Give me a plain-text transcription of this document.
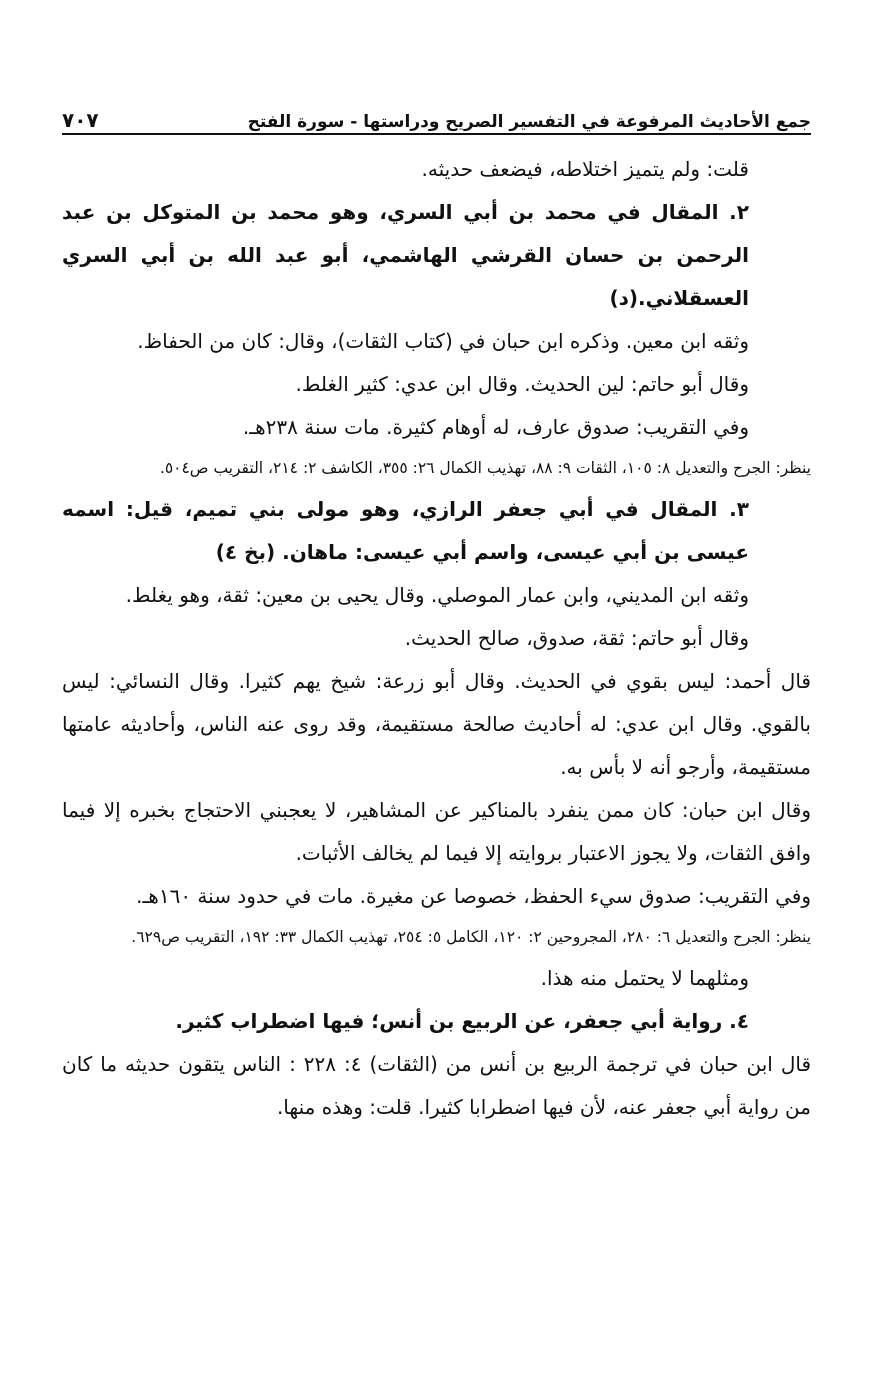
جمع الأحاديث المرفوعة في التفسير الصريح ودراستها - سورة الفتح
٧٠٧

قلت: ولم يتميز اختلاطه، فيضعف حديثه.

٢. المقال في محمد بن أبي السري، وهو محمد بن المتوكل بن عبد الرحمن بن حسان القرشي الهاشمي، أبو عبد الله بن أبي السري العسقلاني.(د)

وثقه ابن معين. وذكره ابن حبان في (كتاب الثقات)، وقال: كان من الحفاظ.

وقال أبو حاتم: لين الحديث. وقال ابن عدي: كثير الغلط.

وفي التقريب: صدوق عارف، له أوهام كثيرة. مات سنة ٢٣٨هـ.

ينظر: الجرح والتعديل ٨: ١٠٥، الثقات ٩: ٨٨، تهذيب الكمال ٢٦: ٣٥٥، الكاشف ٢: ٢١٤، التقريب ص٥٠٤.

٣. المقال في أبي جعفر الرازي، وهو مولى بني تميم، قيل: اسمه عيسى بن أبي عيسى، واسم أبي عيسى: ماهان. (بخ ٤)

وثقه ابن المديني، وابن عمار الموصلي. وقال يحيى بن معين: ثقة، وهو يغلط.

وقال أبو حاتم: ثقة، صدوق، صالح الحديث.

قال أحمد: ليس بقوي في الحديث. وقال أبو زرعة: شيخ يهم كثيرا. وقال النسائي: ليس بالقوي. وقال ابن عدي: له أحاديث صالحة مستقيمة، وقد روى عنه الناس، وأحاديثه عامتها مستقيمة، وأرجو أنه لا بأس به.

وقال ابن حبان: كان ممن ينفرد بالمناكير عن المشاهير، لا يعجبني الاحتجاج بخبره إلا فيما وافق الثقات، ولا يجوز الاعتبار بروايته إلا فيما لم يخالف الأثبات.

وفي التقريب: صدوق سيء الحفظ، خصوصا عن مغيرة. مات في حدود سنة ١٦٠هـ.

ينظر: الجرح والتعديل ٦: ٢٨٠، المجروحين ٢: ١٢٠، الكامل ٥: ٢٥٤، تهذيب الكمال ٣٣: ١٩٢، التقريب ص٦٢٩.

ومثلهما لا يحتمل منه هذا.

٤. رواية أبي جعفر، عن الربيع بن أنس؛ فيها اضطراب كثير.

قال ابن حبان في ترجمة الربيع بن أنس من (الثقات) ٤: ٢٢٨ : الناس يتقون حديثه ما كان من رواية أبي جعفر عنه، لأن فيها اضطرابا كثيرا. قلت: وهذه منها.
